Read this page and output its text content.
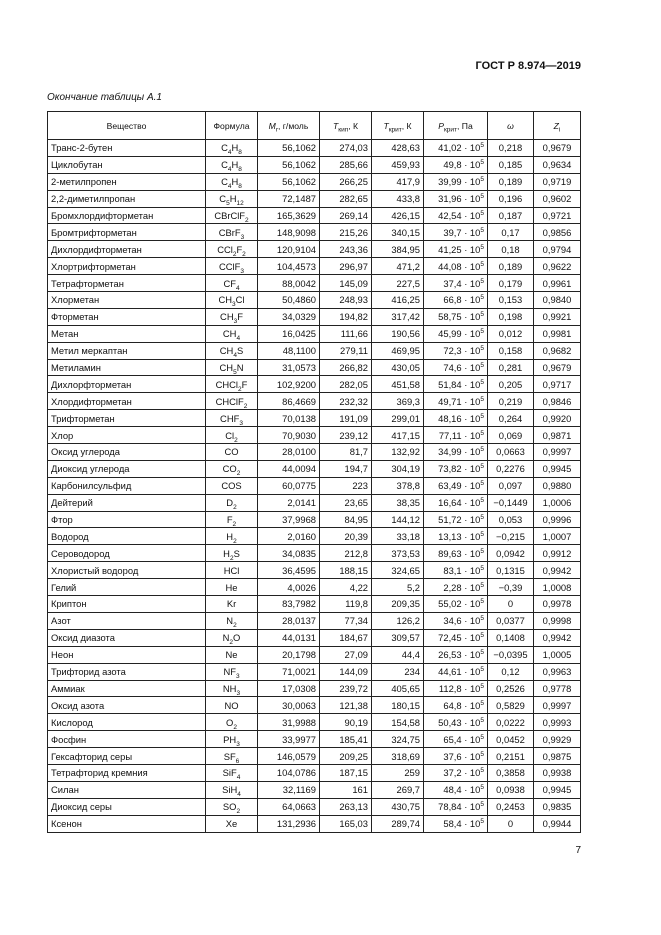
ГОСТ Р 8.974—2019
Окончание таблицы А.1
Вещество	Формула	$M_r$, г/моль	$T_{кип}$, К	$T_{крит}$, К	$P_{крит}$, Па	ω	$Z_i$
Транс-2-бутен	$C_4H_8$	56,1062	274,03	428,63	$41,02 \cdot 10^5$	0,218	0,9679
Циклобутан	$C_4H_8$	56,1062	285,66	459,93	$49,8 \cdot 10^5$	0,185	0,9634
2-метилпропен	$C_4H_8$	56,1062	266,25	417,9	$39,99 \cdot 10^5$	0,189	0,9719
2,2-диметилпропан	$C_5H_{12}$	72,1487	282,65	433,8	$31,96 \cdot 10^5$	0,196	0,9602
Бромхлордифторметан	CBrClF$_2$	165,3629	269,14	426,15	$42,54 \cdot 10^5$	0,187	0,9721
Бромтрифторметан	CBrF$_3$	148,9098	215,26	340,15	$39,7 \cdot 10^5$	0,17	0,9856
Дихлордифторметан	$CCl_2F_2$	120,9104	243,36	384,95	$41,25 \cdot 10^5$	0,18	0,9794
Хлортрифторметан	CClF$_3$	104,4573	296,97	471,2	$44,08 \cdot 10^5$	0,189	0,9622
Тетрафторметан	$CF_4$	88,0042	145,09	227,5	$37,4 \cdot 10^5$	0,179	0,9961
Хлорметан	$CH_3Cl$	50,4860	248,93	416,25	$66,8 \cdot 10^5$	0,153	0,9840
Фторметан	$CH_3F$	34,0329	194,82	317,42	$58,75 \cdot 10^5$	0,198	0,9921
Метан	$CH_4$	16,0425	111,66	190,56	$45,99 \cdot 10^5$	0,012	0,9981
Метил меркаптан	$CH_4S$	48,1100	279,11	469,95	$72,3 \cdot 10^5$	0,158	0,9682
Метиламин	$CH_5N$	31,0573	266,82	430,05	$74,6 \cdot 10^5$	0,281	0,9679
Дихлорфторметан	CHCl$_2$F	102,9200	282,05	451,58	$51,84 \cdot 10^5$	0,205	0,9717
Хлордифторметан	CHClF$_2$	86,4669	232,32	369,3	$49,71 \cdot 10^5$	0,219	0,9846
Трифторметан	$CHF_3$	70,0138	191,09	299,01	$48,16 \cdot 10^5$	0,264	0,9920
Хлор	$Cl_2$	70,9030	239,12	417,15	$77,11 \cdot 10^5$	0,069	0,9871
Оксид углерода	CO	28,0100	81,7	132,92	$34,99 \cdot 10^5$	0,0663	0,9997
Диоксид углерода	$CO_2$	44,0094	194,7	304,19	$73,82 \cdot 10^5$	0,2276	0,9945
Карбонилсульфид	COS	60,0775	223	378,8	$63,49 \cdot 10^5$	0,097	0,9880
Дейтерий	$D_2$	2,0141	23,65	38,35	$16,64 \cdot 10^5$	−0,1449	1,0006
Фтор	$F_2$	37,9968	84,95	144,12	$51,72 \cdot 10^5$	0,053	0,9996
Водород	$H_2$	2,0160	20,39	33,18	$13,13 \cdot 10^5$	−0,215	1,0007
Сероводород	$H_2S$	34,0835	212,8	373,53	$89,63 \cdot 10^5$	0,0942	0,9912
Хлористый водород	HCl	36,4595	188,15	324,65	$83,1 \cdot 10^5$	0,1315	0,9942
Гелий	He	4,0026	4,22	5,2	$2,28 \cdot 10^5$	−0,39	1,0008
Криптон	Kr	83,7982	119,8	209,35	$55,02 \cdot 10^5$	0	0,9978
Азот	$N_2$	28,0137	77,34	126,2	$34,6 \cdot 10^5$	0,0377	0,9998
Оксид диазота	$N_2O$	44,0131	184,67	309,57	$72,45 \cdot 10^5$	0,1408	0,9942
Неон	Ne	20,1798	27,09	44,4	$26,53 \cdot 10^5$	−0,0395	1,0005
Трифторид азота	$NF_3$	71,0021	144,09	234	$44,61 \cdot 10^5$	0,12	0,9963
Аммиак	$NH_3$	17,0308	239,72	405,65	$112,8 \cdot 10^5$	0,2526	0,9778
Оксид азота	NO	30,0063	121,38	180,15	$64,8 \cdot 10^5$	0,5829	0,9997
Кислород	$O_2$	31,9988	90,19	154,58	$50,43 \cdot 10^5$	0,0222	0,9993
Фосфин	$PH_3$	33,9977	185,41	324,75	$65,4 \cdot 10^5$	0,0452	0,9929
Гексафторид серы	$SF_6$	146,0579	209,25	318,69	$37,6 \cdot 10^5$	0,2151	0,9875
Тетрафторид кремния	SiF$_4$	104,0786	187,15	259	$37,2 \cdot 10^5$	0,3858	0,9938
Силан	SiH$_4$	32,1169	161	269,7	$48,4 \cdot 10^5$	0,0938	0,9945
Диоксид серы	$SO_2$	64,0663	263,13	430,75	$78,84 \cdot 10^5$	0,2453	0,9835
Ксенон	Xe	131,2936	165,03	289,74	$58,4 \cdot 10^5$	0	0,9944
7
